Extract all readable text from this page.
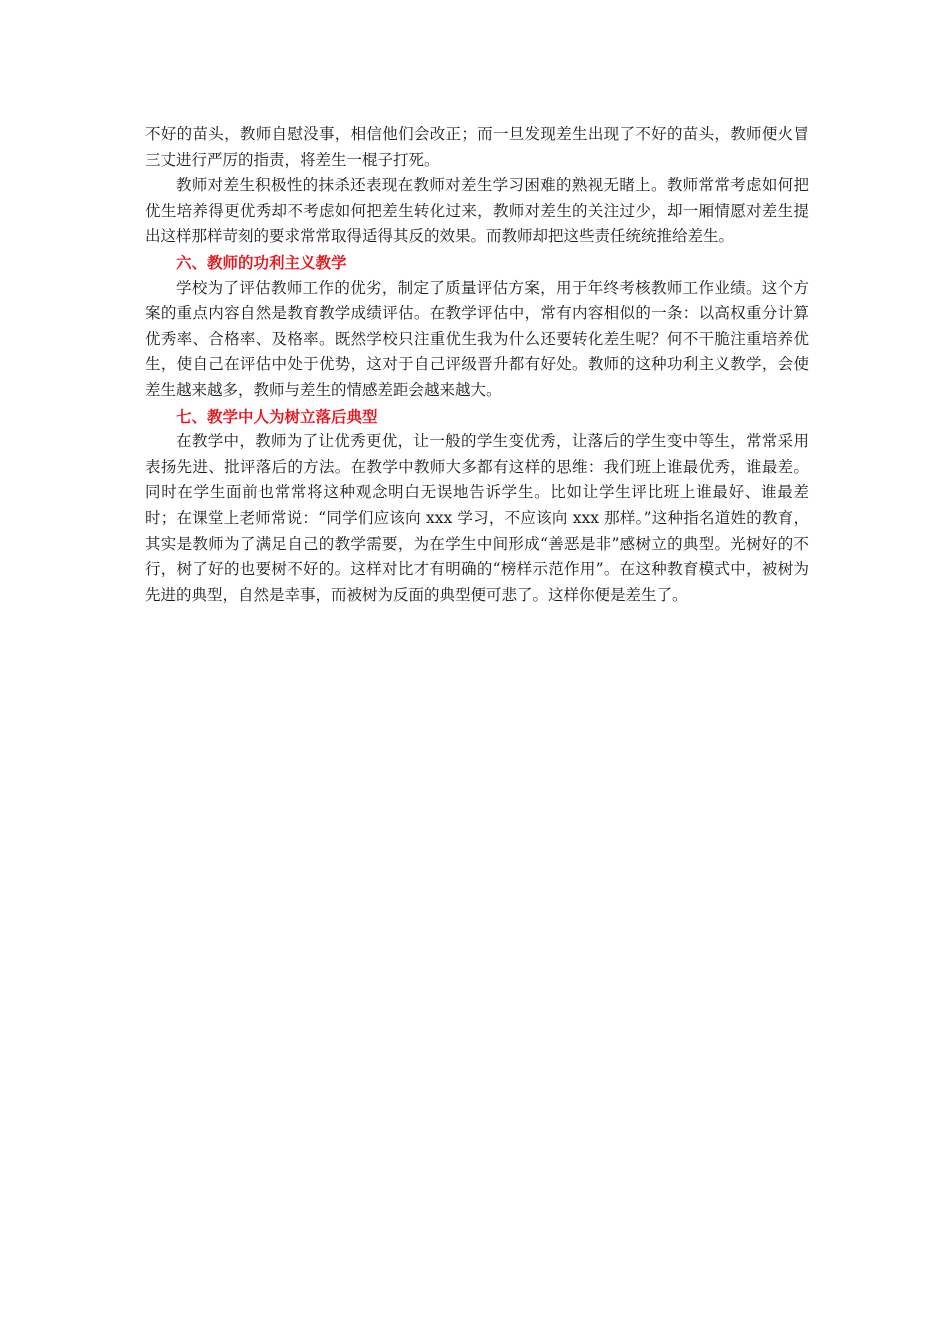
不好的苗头，教师自慰没事，相信他们会改正；而一旦发现差生出现了不好的苗头，教师便火冒三丈进行严厉的指责，将差生一棍子打死。

教师对差生积极性的抹杀还表现在教师对差生学习困难的熟视无睹上。教师常常考虑如何把优生培养得更优秀却不考虑如何把差生转化过来，教师对差生的关注过少，却一厢情愿对差生提出这样那样苛刻的要求常常取得适得其反的效果。而教师却把这些责任统统推给差生。

六、教师的功利主义教学

学校为了评估教师工作的优劣，制定了质量评估方案，用于年终考核教师工作业绩。这个方案的重点内容自然是教育教学成绩评估。在教学评估中，常有内容相似的一条：以高权重分计算优秀率、合格率、及格率。既然学校只注重优生我为什么还要转化差生呢？何不干脆注重培养优生，使自己在评估中处于优势，这对于自己评级晋升都有好处。教师的这种功利主义教学，会使差生越来越多，教师与差生的情感差距会越来越大。

七、教学中人为树立落后典型

在教学中，教师为了让优秀更优，让一般的学生变优秀，让落后的学生变中等生，常常采用表扬先进、批评落后的方法。在教学中教师大多都有这样的思维：我们班上谁最优秀，谁最差。同时在学生面前也常常将这种观念明白无误地告诉学生。比如让学生评比班上谁最好、谁最差时；在课堂上老师常说：“同学们应该向 xxx 学习，不应该向 xxx 那样。”这种指名道姓的教育，其实是教师为了满足自己的教学需要，为在学生中间形成“善恶是非”感树立的典型。光树好的不行，树了好的也要树不好的。这样对比才有明确的“榜样示范作用”。在这种教育模式中，被树为先进的典型，自然是幸事，而被树为反面的典型便可悲了。这样你便是差生了。
